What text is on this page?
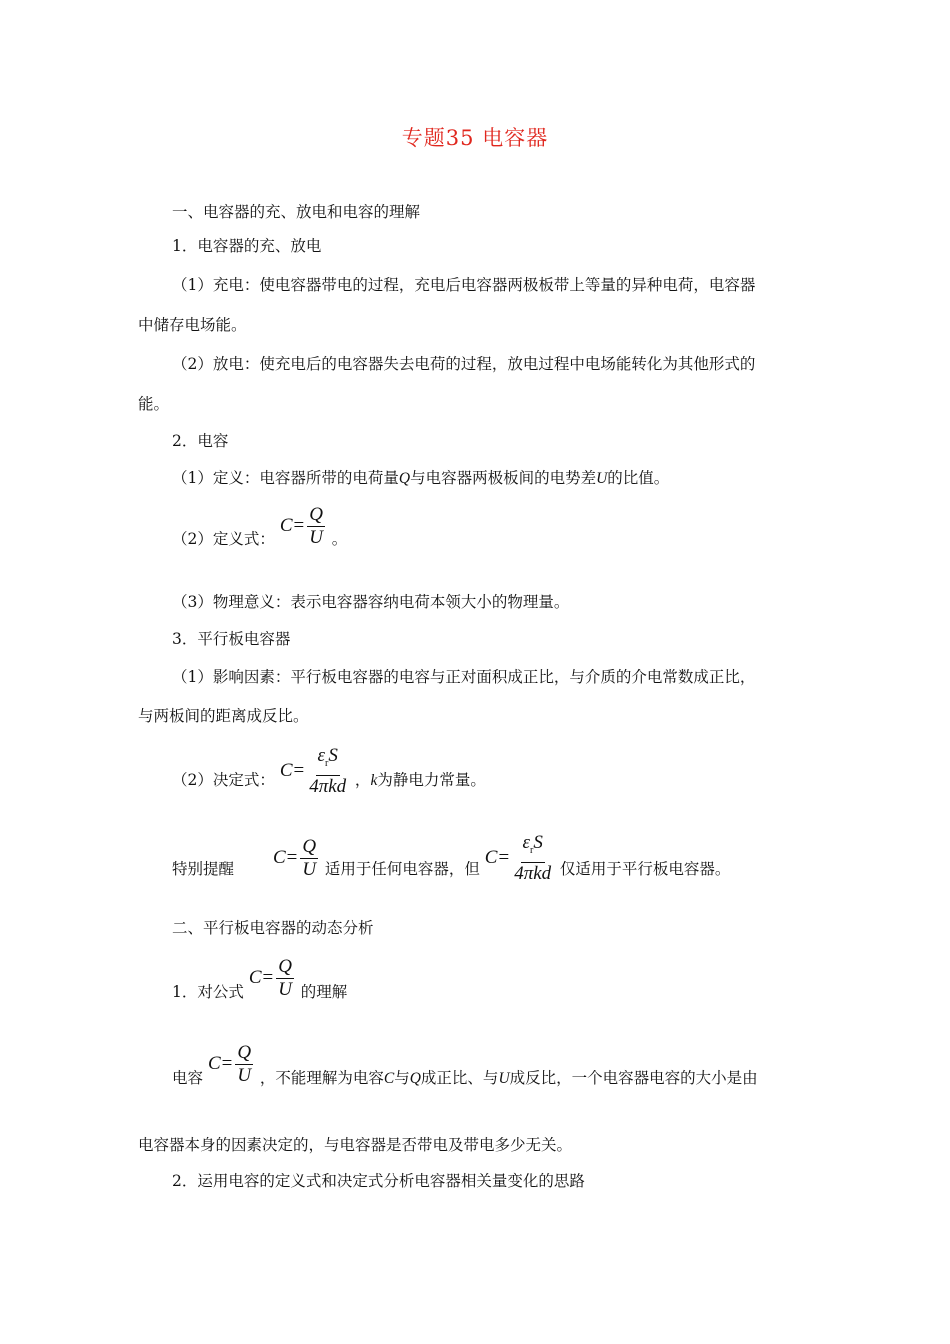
专题35 电容器
一、电容器的充、放电和电容的理解
1．电容器的充、放电
（1）充电：使电容器带电的过程，充电后电容器两极板带上等量的异种电荷，电容器
中储存电场能。
（2）放电：使充电后的电容器失去电荷的过程，放电过程中电场能转化为其他形式的
能。
2．电容
（1）定义：电容器所带的电荷量Q与电容器两极板间的电势差U的比值。
（2）定义式： $C= \frac{Q}{U}$ 。
（3）物理意义：表示电容器容纳电荷本领大小的物理量。
3．平行板电容器
（1）影响因素：平行板电容器的电容与正对面积成正比，与介质的介电常数成正比，
与两板间的距离成反比。
（2）决定式： $C= \frac{\varepsilon_rS}{\text{4πkd}}$ ，k为静电力常量。
特别提醒 $C= \frac{Q}{U}$ 适用于任何电容器，但 $C= \frac{\varepsilon_rS}{\text{4πkd}}$ 仅适用于平行板电容器。
二、平行板电容器的动态分析
1．对公式 $C= \frac{Q}{U}$ 的理解
电容 $C= \frac{Q}{U}$ ，不能理解为电容C与Q成正比、与U成反比，一个电容器电容的大小是由
电容器本身的因素决定的，与电容器是否带电及带电多少无关。
2．运用电容的定义式和决定式分析电容器相关量变化的思路
